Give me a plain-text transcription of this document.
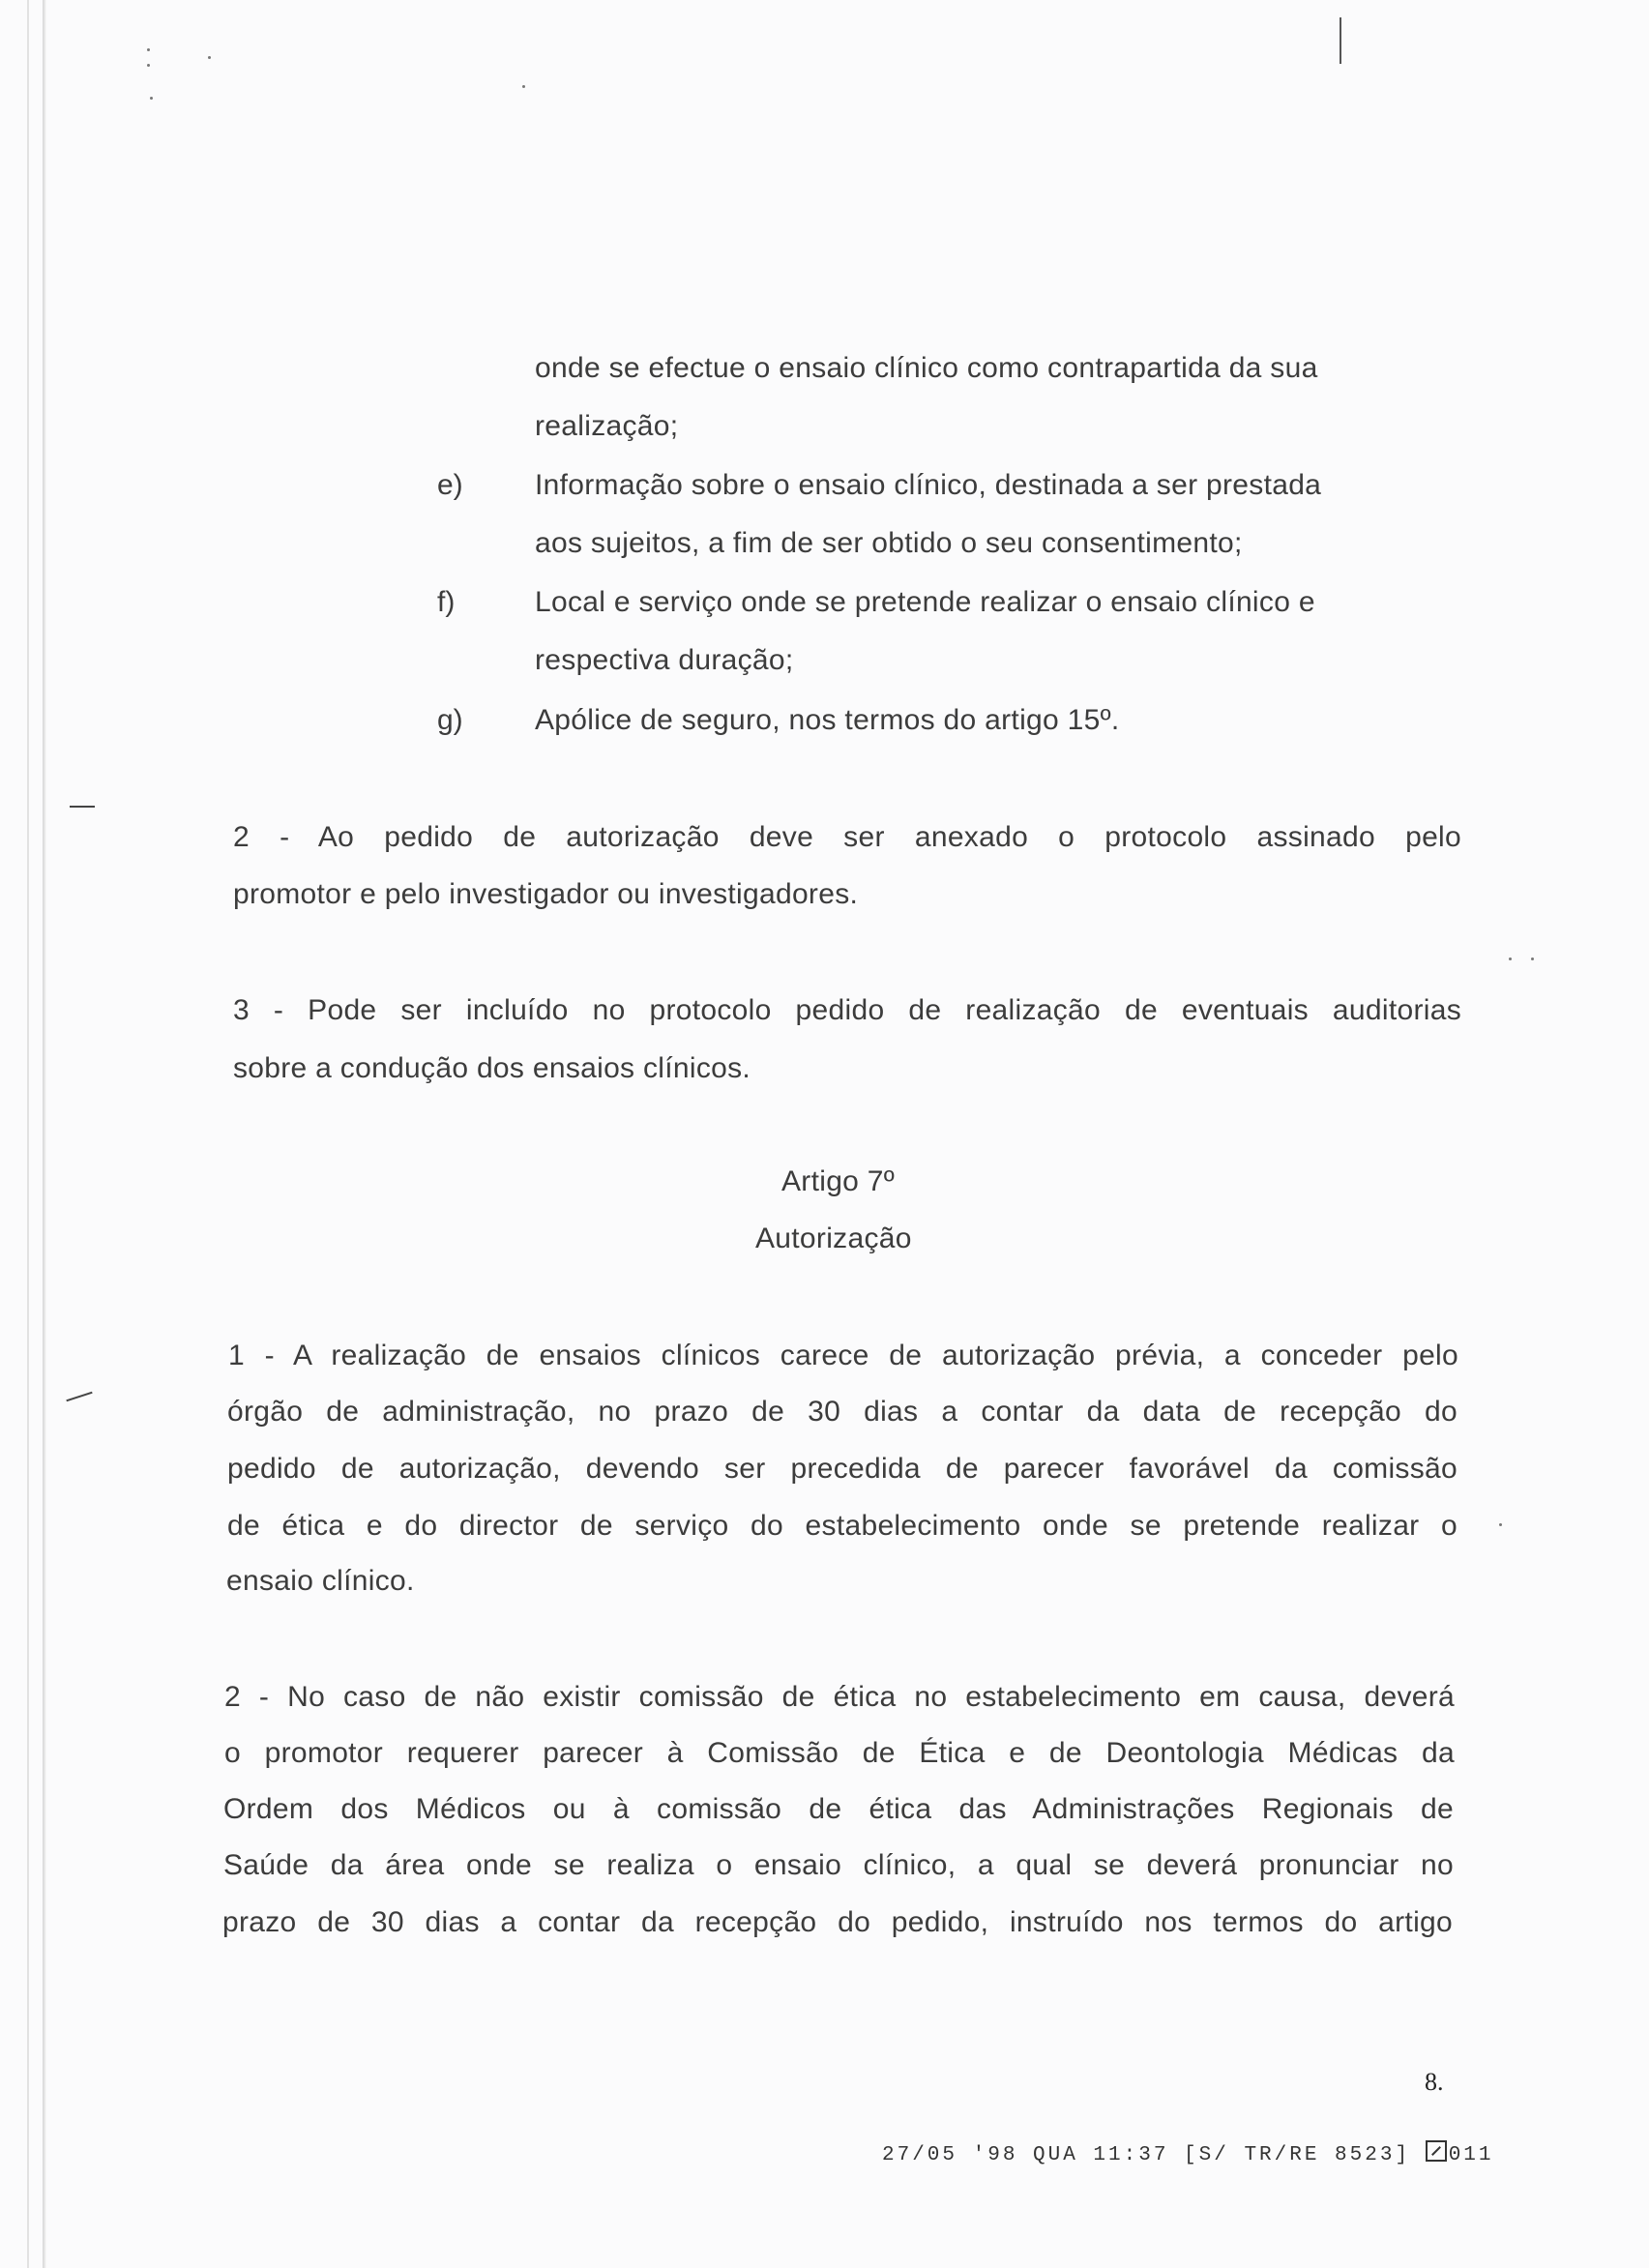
onde se efectue o ensaio clínico como contrapartida da sua
realização;
e) Informação sobre o ensaio clínico, destinada a ser prestada
aos sujeitos, a fim de ser obtido o seu consentimento;
f)	Local e serviço onde se pretende realizar o ensaio clínico e
respectiva duração;
g) Apólice de seguro, nos termos do artigo 15º.
2 - Ao pedido de autorização deve ser anexado o protocolo assinado pelo
promotor e pelo investigador ou investigadores.
3 - Pode ser incluído no protocolo pedido de realização de eventuais auditorias
sobre a condução dos ensaios clínicos.
Artigo 7º
Autorização
1 - A realização de ensaios clínicos carece de autorização prévia, a conceder pelo
órgão de administração, no prazo de 30 dias a contar da data de recepção do
pedido de autorização, devendo ser precedida de parecer favorável da comissão
de ética e do director de serviço do estabelecimento onde se pretende realizar o
ensaio clínico.
2 - No caso de não existir comissão de ética no estabelecimento em causa, deverá
o promotor requerer parecer à Comissão de Ética e de Deontologia Médicas da
Ordem dos Médicos ou à comissão de ética das Administrações Regionais de
Saúde da área onde se realiza o ensaio clínico, a qual se deverá pronunciar no
prazo de 30 dias a contar da recepção do pedido, instruído nos termos do artigo
8.
27/05 '98 QUA 11:37 [S/ TR/RE 8523] 011
